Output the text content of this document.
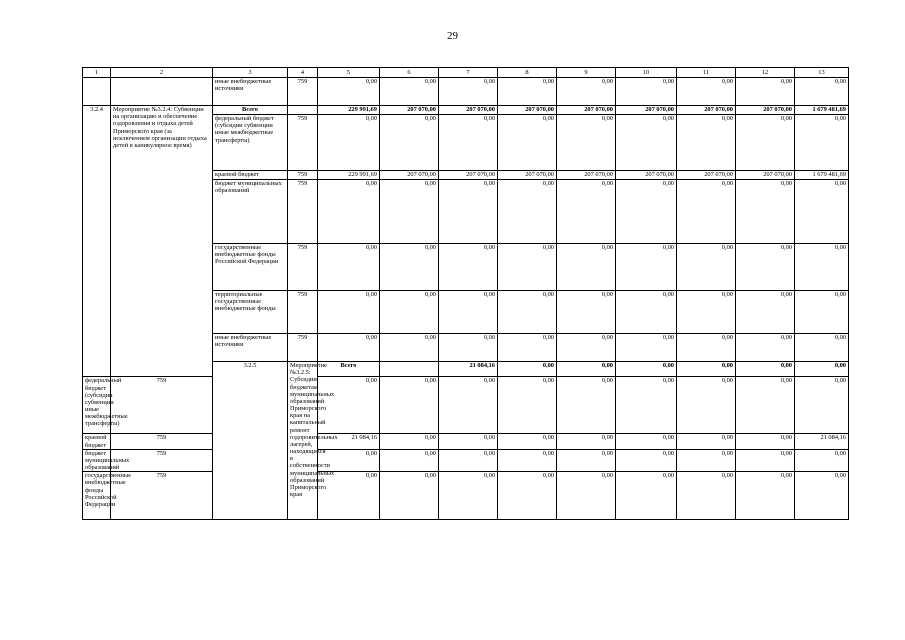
29
1	2	3	4	5	6	7	8	9	10	11	12	13	
		иные внебюджетные источники	759	0,00	0,00	0,00	0,00	0,00	0,00	0,00	0,00	0,00	
3.2.4	Мероприятие №3.2.4: Субвенции на организацию и обеспечение оздоровления и отдыха детей Приморского края (за исключением организации отдыха детей в каникулярное время)	Всего		229 991,69	207 070,00	207 070,00	207 070,00	207 070,00	207 070,00	207 070,00	207 070,00	1 679 481,69	
		федеральный бюджет (субсидии субвенции иные межбюджетные трансферты)	759	0,00	0,00	0,00	0,00	0,00	0,00	0,00	0,00	0,00	
		краевой бюджет	759	229 991,69	207 070,00	207 070,00	207 070,00	207 070,00	207 070,00	207 070,00	207 070,00	1 679 481,69	
		бюджет муниципальных образований	759	0,00	0,00	0,00	0,00	0,00	0,00	0,00	0,00	0,00	
		государственные внебюджетные фонды Российской Федерации	759	0,00	0,00	0,00	0,00	0,00	0,00	0,00	0,00	0,00	
		территориальные государственные внебюджетные фонды	759	0,00	0,00	0,00	0,00	0,00	0,00	0,00	0,00	0,00	
		иные внебюджетные источники	759	0,00	0,00	0,00	0,00	0,00	0,00	0,00	0,00	0,00	
		3.2.5	Мероприятие №3.2.5: Субсидии бюджетам муниципальных образований Приморского края на капитальный ремонт оздоровительных лагерей, находящихся в собственности муниципальных образований Приморского края	Всего		21 084,16	0,00	0,00	0,00	0,00	0,00	0,00		
федеральный бюджет (субсидии субвенции иные межбюджетные трансферты)	759			0,00	0,00	0,00	0,00	0,00	0,00	0,00	0,00	0,00	
краевой бюджет	759			21 084,16	0,00	0,00	0,00	0,00	0,00	0,00	0,00	21 084,16	
бюджет муниципальных образований	759			0,00	0,00	0,00	0,00	0,00	0,00	0,00	0,00	0,00	
государственные внебюджетные фонды Российской Федерации	759			0,00	0,00	0,00	0,00	0,00	0,00	0,00	0,00	0,00	
